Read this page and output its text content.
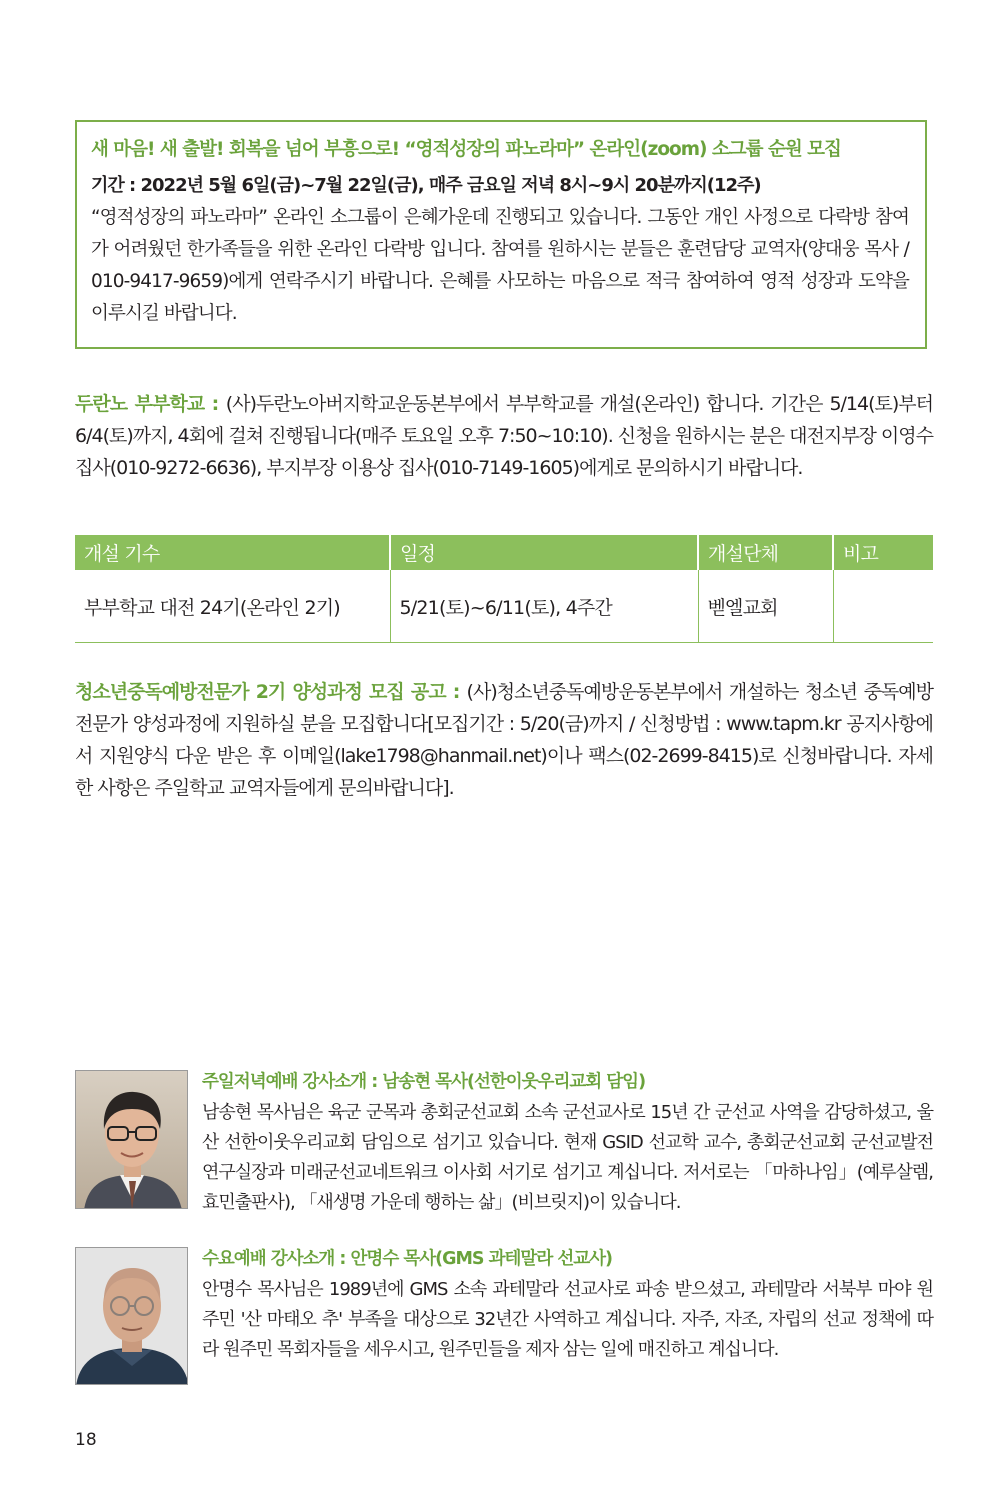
새 마음! 새 출발! 회복을 넘어 부흥으로! “영적성장의 파노라마” 온라인(zoom) 소그룹 순원 모집
기간 : 2022년 5월 6일(금)~7월 22일(금), 매주 금요일 저녁 8시~9시 20분까지(12주)
“영적성장의 파노라마” 온라인 소그룹이 은혜가운데 진행되고 있습니다. 그동안 개인 사정으로 다락방 참여가 어려웠던 한가족들을 위한 온라인 다락방 입니다. 참여를 원하시는 분들은 훈련담당 교역자(양대웅 목사 / 010-9417-9659)에게 연락주시기 바랍니다. 은혜를 사모하는 마음으로 적극 참여하여 영적 성장과 도약을 이루시길 바랍니다.
두란노 부부학교 : (사)두란노아버지학교운동본부에서 부부학교를 개설(온라인) 합니다. 기간은 5/14(토)부터 6/4(토)까지, 4회에 걸쳐 진행됩니다(매주 토요일 오후 7:50~10:10). 신청을 원하시는 분은 대전지부장 이영수 집사(010-9272-6636), 부지부장 이용상 집사(010-7149-1605)에게로 문의하시기 바랍니다.
개설 기수	일정	개설단체	비고
부부학교 대전 24기(온라인 2기)	5/21(토)~6/11(토), 4주간	벧엘교회	
청소년중독예방전문가 2기 양성과정 모집 공고 : (사)청소년중독예방운동본부에서 개설하는 청소년 중독예방전문가 양성과정에 지원하실 분을 모집합니다[모집기간 : 5/20(금)까지 / 신청방법 : www.tapm.kr 공지사항에서 지원양식 다운 받은 후 이메일(lake1798@hanmail.net)이나 팩스(02-2699-8415)로 신청바랍니다. 자세한 사항은 주일학교 교역자들에게 문의바랍니다].
주일저녁예배 강사소개 : 남송현 목사(선한이웃우리교회 담임)
남송현 목사님은 육군 군목과 총회군선교회 소속 군선교사로 15년 간 군선교 사역을 감당하셨고, 울산 선한이웃우리교회 담임으로 섬기고 있습니다. 현재 GSID 선교학 교수, 총회군선교회 군선교발전 연구실장과 미래군선교네트워크 이사회 서기로 섬기고 계십니다. 저서로는 「마하나임」(예루살렘, 효민출판사), 「새생명 가운데 행하는 삶」(비브릿지)이 있습니다.
수요예배 강사소개 : 안명수 목사(GMS 과테말라 선교사)
안명수 목사님은 1989년에 GMS 소속 과테말라 선교사로 파송 받으셨고, 과테말라 서북부 마야 원주민 '산 마태오 추' 부족을 대상으로 32년간 사역하고 계십니다. 자주, 자조, 자립의 선교 정책에 따라 원주민 목회자들을 세우시고, 원주민들을 제자 삼는 일에 매진하고 계십니다.
18
